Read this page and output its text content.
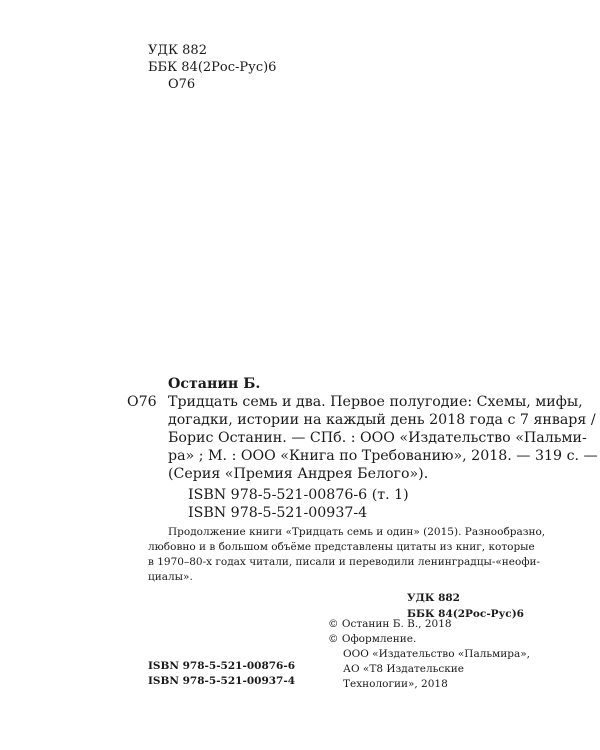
УДК 882
ББК 84(2Рос-Рус)6
О76
Останин Б.
О76 Тридцать семь и два. Первое полугодие: Схемы, мифы,
догадки, истории на каждый день 2018 года с 7 января /
Борис Останин. — СПб. : ООО «Издательство «Пальми-
ра» ; М. : ООО «Книга по Требованию», 2018. — 319 с. —
(Серия «Премия Андрея Белого»).
ISBN 978-5-521-00876-6 (т. 1)
ISBN 978-5-521-00937-4
Продолжение книги «Тридцать семь и один» (2015). Разнообразно,
любовно и в большом объёме представлены цитаты из книг, которые
в 1970–80-х годах читали, писали и переводили ленинградцы-«неофи-
циалы».
УДК 882
ББК 84(2Рос-Рус)6
© Останин Б. В., 2018
© Оформление.
ООО «Издательство «Пальмира»,
АО «Т8 Издательские
Технологии», 2018
ISBN 978-5-521-00876-6
ISBN 978-5-521-00937-4
